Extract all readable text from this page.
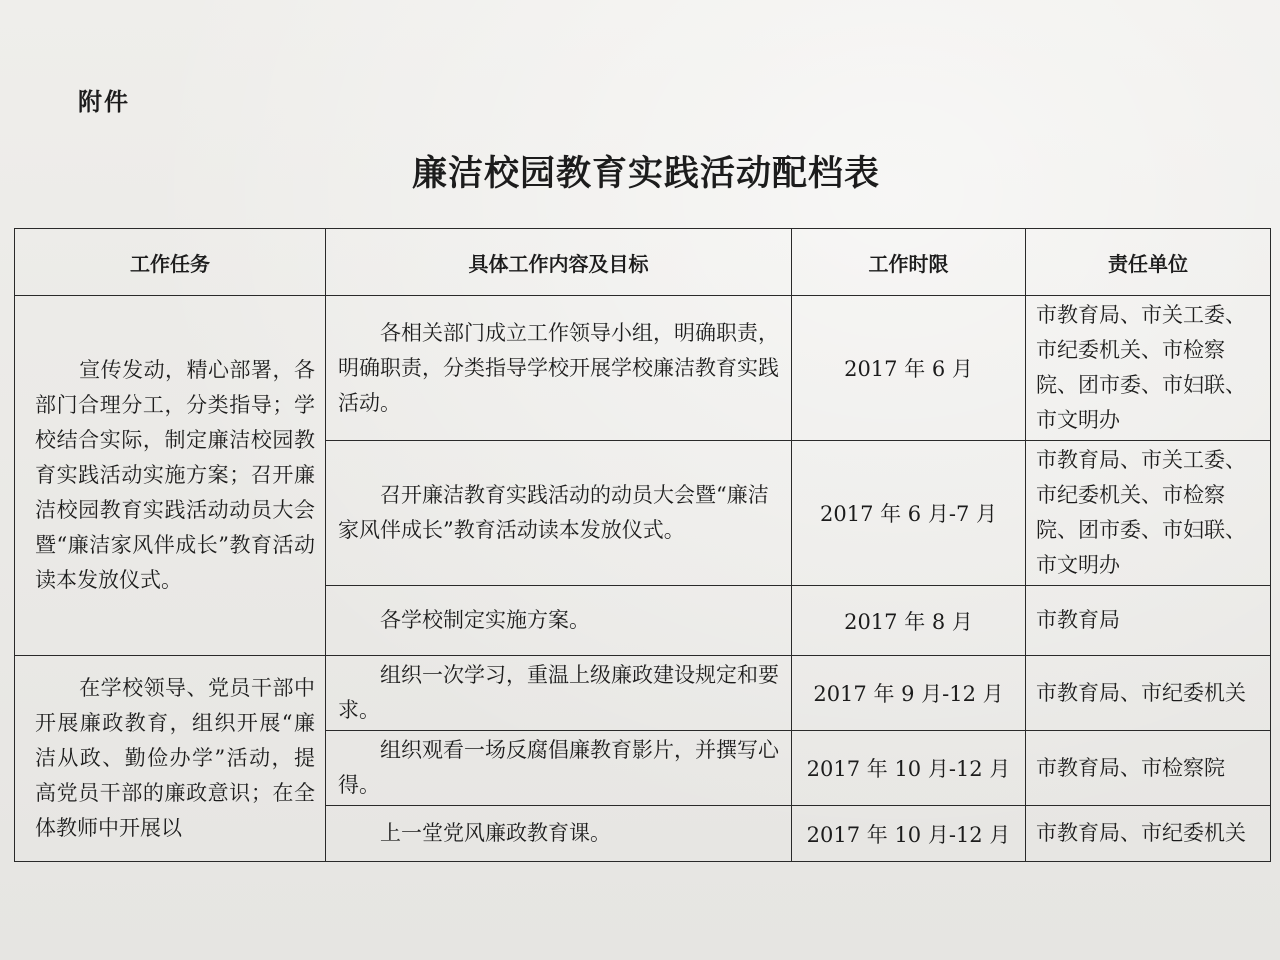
附件
廉洁校园教育实践活动配档表
工作任务	具体工作内容及目标	工作时限	责任单位

宣传发动，精心部署，各部门合理分工，分类指导；学校结合实际，制定廉洁校园教育实践活动实施方案；召开廉洁校园教育实践活动动员大会暨“廉洁家风伴成长”教育活动读本发放仪式。	各相关部门成立工作领导小组，明确职责，明确职责，分类指导学校开展学校廉洁教育实践活动。	2017 年 6 月	市教育局、市关工委、市纪委机关、市检察院、团市委、市妇联、市文明办

	召开廉洁教育实践活动的动员大会暨“廉洁家风伴成长”教育活动读本发放仪式。	2017 年 6 月-7 月	市教育局、市关工委、市纪委机关、市检察院、团市委、市妇联、市文明办

	各学校制定实施方案。	2017 年 8 月	市教育局

在学校领导、党员干部中开展廉政教育，组织开展“廉洁从政、勤俭办学”活动，提高党员干部的廉政意识；在全体教师中开展以	组织一次学习，重温上级廉政建设规定和要求。	2017 年 9 月-12 月	市教育局、市纪委机关

	组织观看一场反腐倡廉教育影片，并撰写心得。	2017 年 10 月-12 月	市教育局、市检察院

	上一堂党风廉政教育课。	2017 年 10 月-12 月	市教育局、市纪委机关
